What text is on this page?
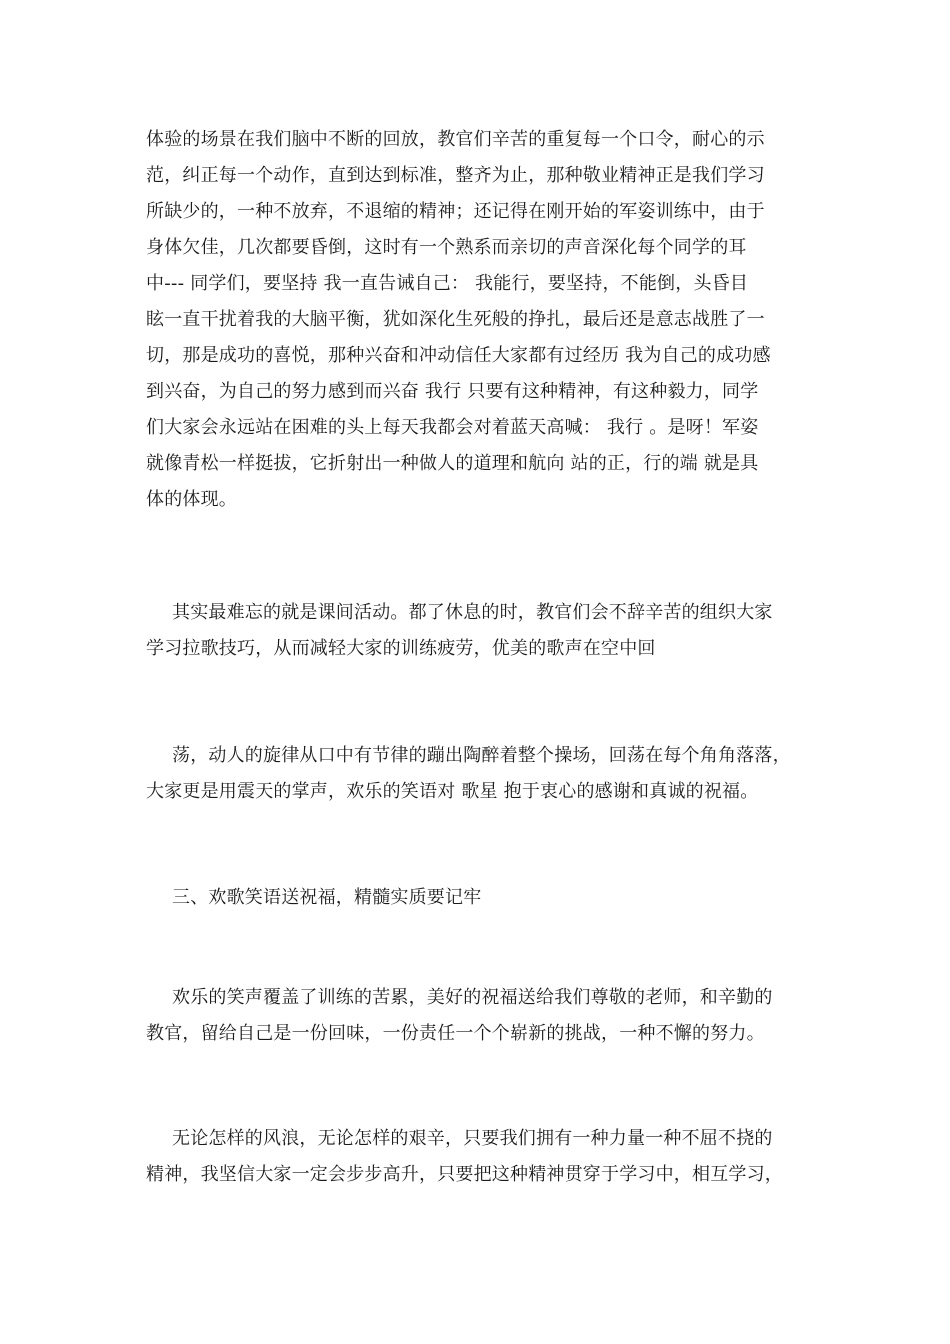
体验的场景在我们脑中不断的回放，教官们辛苦的重复每一个口令，耐心的示
范，纠正每一个动作，直到达到标准，整齐为止，那种敬业精神正是我们学习
所缺少的，一种不放弃，不退缩的精神；还记得在刚开始的军姿训练中，由于
身体欠佳，几次都要昏倒，这时有一个熟系而亲切的声音深化每个同学的耳
中--- 同学们，要坚持 我一直告诫自己： 我能行，要坚持，不能倒，头昏目
眩一直干扰着我的大脑平衡，犹如深化生死般的挣扎，最后还是意志战胜了一
切，那是成功的喜悦，那种兴奋和冲动信任大家都有过经历 我为自己的成功感
到兴奋，为自己的努力感到而兴奋 我行 只要有这种精神，有这种毅力，同学
们大家会永远站在困难的头上每天我都会对着蓝天高喊： 我行 。是呀！军姿
就像青松一样挺拔，它折射出一种做人的道理和航向 站的正，行的端 就是具
体的体现。

其实最难忘的就是课间活动。都了休息的时，教官们会不辞辛苦的组织大家
学习拉歌技巧，从而减轻大家的训练疲劳，优美的歌声在空中回

荡，动人的旋律从口中有节律的蹦出陶醉着整个操场，回荡在每个角角落落，
大家更是用震天的掌声，欢乐的笑语对 歌星 抱于衷心的感谢和真诚的祝福。

三、欢歌笑语送祝福，精髓实质要记牢

欢乐的笑声覆盖了训练的苦累，美好的祝福送给我们尊敬的老师，和辛勤的
教官，留给自己是一份回味，一份责任一个个崭新的挑战，一种不懈的努力。

无论怎样的风浪，无论怎样的艰辛，只要我们拥有一种力量一种不屈不挠的
精神，我坚信大家一定会步步高升，只要把这种精神贯穿于学习中，相互学习，
